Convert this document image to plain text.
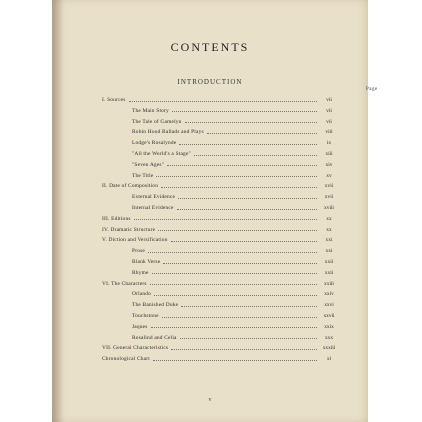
CONTENTS
INTRODUCTION
Page
I. Sources	vii
The Main Story	vii
The Tale of Gamelyn	vii
Robin Hood Ballads and Plays	viii
Lodge's Rosalynde	ix
"All the World's a Stage"	xiii
"Seven Ages"	xiv
The Title	xv
II. Date of Composition	xvii
External Evidence	xvii
Internal Evidence	xviii
III. Editions	xx
IV. Dramatic Structure	xx
V. Diction and Versification	xxi
Prose	xxi
Blank Verse	xxii
Rhyme	xxii
VI. The Characters	xxiii
Orlando	xxiv
The Banished Duke	xxvi
Touchstone	xxvii
Jaques	xxix
Rosalind and Celia	xxx
VII. General Characteristics	xxxiii
Chronological Chart	xl
v
